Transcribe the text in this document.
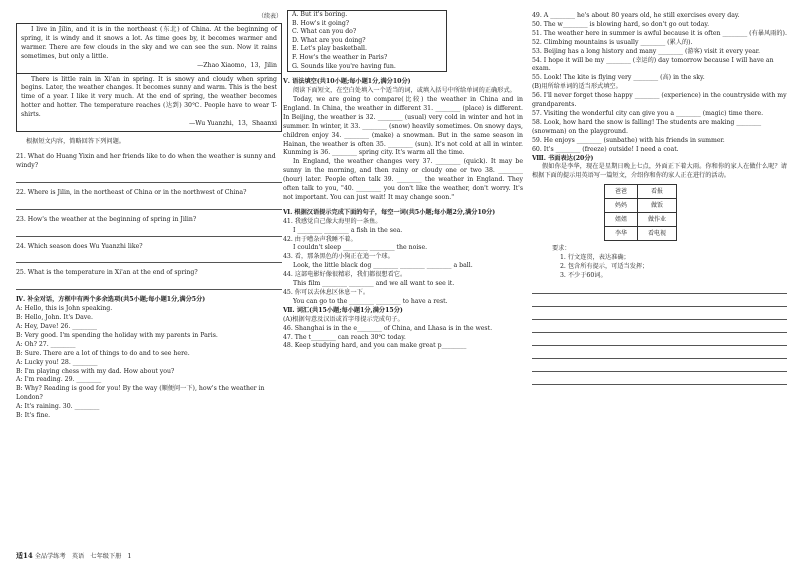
（续表）

I live in Jilin, and it is in the northeast (东北) of China. At the beginning of spring, it is windy and it snows a lot. As time goes by, it becomes warmer and warmer. There are few clouds in the sky and we can see the sun. Now it rains sometimes, but only a little.

—Zhao Xiaomo，13，Jilin

There is little rain in Xi'an in spring. It is snowy and cloudy when spring begins. Later, the weather changes. It becomes sunny and warm. This is the best time of a year. I like it very much. At the end of spring, the weather becomes hotter and hotter. The temperature reaches (达到) 30℃. People have to wear T-shirts.

—Wu Yuanzhi，13，Shaanxi

根据短文内容，简略回答下列问题。

21. What do Huang Yixin and her friends like to do when the weather is sunny and windy?

22. Where is Jilin, in the northeast of China or in the northwest of China?

23. How's the weather at the beginning of spring in Jilin?

24. Which season does Wu Yuanzhi like?

25. What is the temperature in Xi'an at the end of spring?

Ⅳ. 补全对话，方框中有两个多余选项(共5小题;每小题1分,满分5分)

A: Hello, this is John speaking.

B: Hello, John. It's Dave.

A: Hey, Dave! 26. ________

B: Very good. I'm spending the holiday with my parents in Paris.

A: Oh? 27. ________

B: Sure. There are a lot of things to do and to see here.

A: Lucky you! 28. ________

B: I'm playing chess with my dad. How about you?

A: I'm reading. 29. ________

B: Why? Reading is good for you! By the way (顺便问一下), how's the weather in London?

A: It's raining. 30. ________

B: It's fine.

A. But it's boring.

B. How's it going?

C. What can you do?

D. What are you doing?

E. Let's play basketball.

F. How's the weather in Paris?

G. Sounds like you're having fun.

Ⅴ. 语法填空(共10小题;每小题1分,满分10分)

阅读下面短文，在空白处填入一个适当的词，或填入括号中所给单词的正确形式。

Today, we are going to compare(比较) the weather in China and in England. In China, the weather in different 31. ________ (place) is different. In Beijing, the weather is 32. ________ (usual) very cold in winter and hot in summer. In winter, it 33. ________ (snow) heavily sometimes. On snowy days, children enjoy 34. ________ (make) a snowman. But in the same season in Hainan, the weather is often 35. ________ (sun). It's not cold at all in winter. Kunming is 36. ________ spring city. It's warm all the time.

In England, the weather changes very 37. ________ (quick). It may be sunny in the morning, and then rainy or cloudy one or two 38. ________ (hour) later. People often talk 39. ________ the weather in England. They often talk to you, "40. ________ you don't like the weather, don't worry. It's not important. You can just wait! It may change soon."

Ⅵ. 根据汉语提示完成下面的句子，每空一词(共5小题;每小题2分,满分10分)

41. 我感觉自己像大海里的一条鱼。

I ________ ________ a fish in the sea.

42. 由于嘈杂声我睡不着。

I couldn't sleep ________ ________ the noise.

43. 看，那条黑色的小狗正在追一个球。

Look, the little black dog ________ ________ ________ a ball.

44. 这部电影好像很精彩，我们都很想看它。

This film ________ ________ and we all want to see it.

45. 你可以去休息区休息一下。

You can go to the ________ ________ to have a rest.

Ⅶ. 词汇(共15小题;每小题1分,满分15分)

(A)根据句意及汉语或首字母提示完成句子。

46. Shanghai is in the e________ of China, and Lhasa is in the west.

47. The t________ can reach 30℃ today.

48. Keep studying hard, and you can make great p________

49. A ________ he's about 80 years old, he still exercises every day.

50. The w________ is blowing hard, so don't go out today.

51. The weather here in summer is awful because it is often ________ (有暴风雨的).

52. Climbing mountains is usually ________ (累人的).

53. Beijing has a long history and many ________ (游客) visit it every year.

54. I hope it will be my ________ (幸运的) day tomorrow because I will have an exam.

55. Look! The kite is flying very ________ (高) in the sky.

(B)用所给单词的适当形式填空。

56. I'll never forget those happy ________ (experience) in the countryside with my grandparents.

57. Visiting the wonderful city can give you a ________ (magic) time there.

58. Look, how hard the snow is falling! The students are making ________ (snowman) on the playground.

59. He enjoys ________ (sunbathe) with his friends in summer.

60. It's ________ (freeze) outside! I need a coat.

Ⅷ. 书面表达(20分)

假如你是李华，现在是星期日晚上七点，外面正下着大雨。你和你的家人在做什么呢？请根据下面的提示用英语写一篇短文，介绍你和你的家人正在进行的活动。

爸爸	看报
妈妈	做饭
姐姐	做作业
李华	看电视

要求：

1. 行文连贯，表达准确；

2. 包含所有提示，可适当发挥；

3. 不少于60词。

适14 全品学练考　英语　七年级下册　1
